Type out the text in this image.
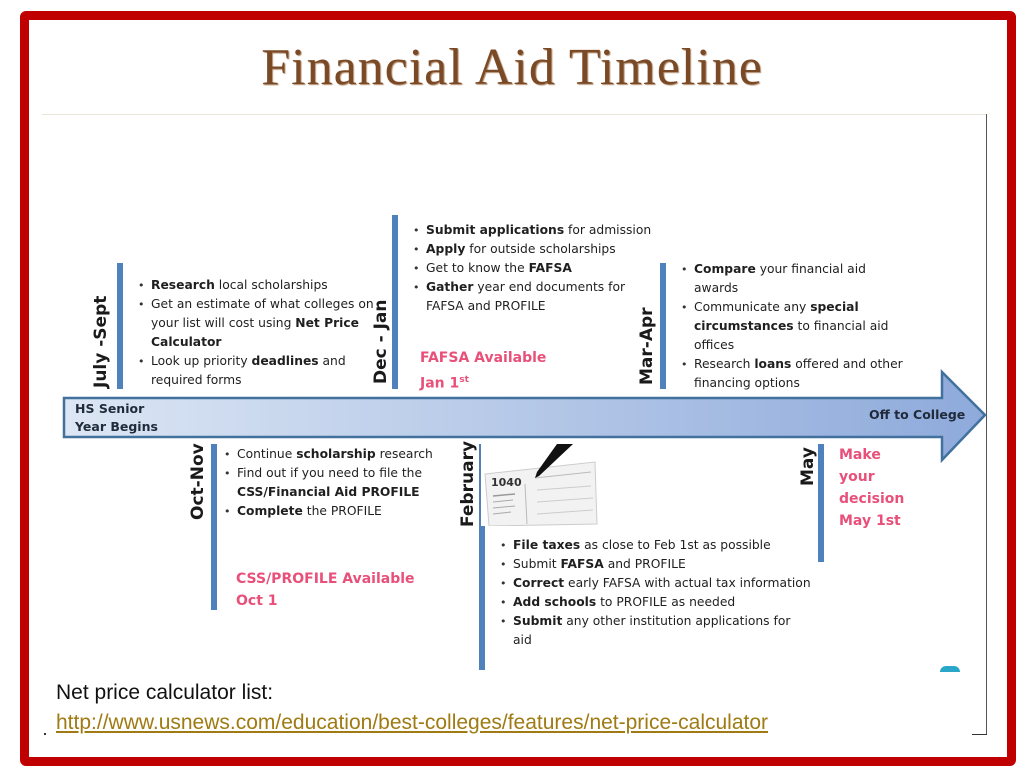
Financial Aid Timeline
HS Senior
Year Begins
Off to College
July -Sept
• Research local scholarships
• Get an estimate of what colleges on your list will cost using Net Price Calculator
• Look up priority deadlines and required forms	Dec - Jan
• Submit applications for admission
• Apply for outside scholarships
• Get to know the FAFSA
• Gather year end documents for FAFSA and PROFILE
FAFSA Available
Jan 1st	Mar-Apr
• Compare your financial aid awards
• Communicate any special circumstances to financial aid offices
• Research loans offered and other financing options
Oct-Nov • Continue scholarship research
• Find out if you need to file the CSS/Financial Aid PROFILE
• Complete the PROFILE
CSS/PROFILE Available
Oct 1
February 1040
• File taxes as close to Feb 1st as possible
• Submit FAFSA and PROFILE
• Correct early FAFSA with actual tax information
• Add schools to PROFILE as needed
• Submit any other institution applications for aid
May Make
your
decision
May 1st
Net price calculator list:
http://www.usnews.com/education/best-colleges/features/net-price-calculator
